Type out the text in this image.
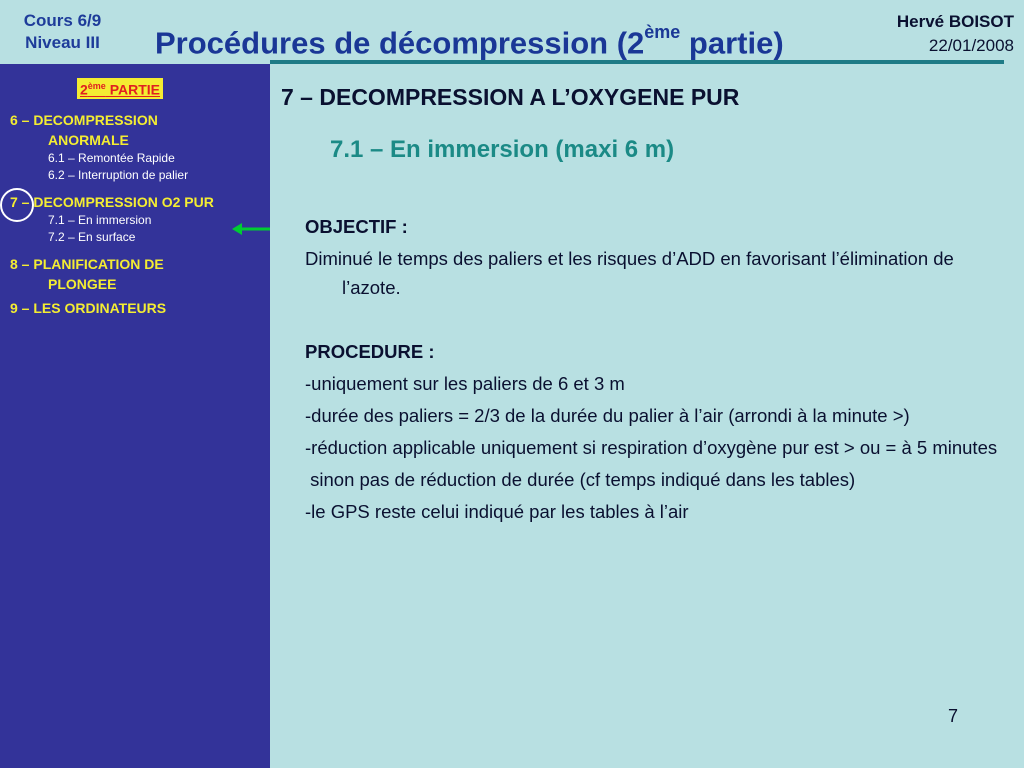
Cours 6/9
Niveau III	Procédures de décompression (2ème partie)
Hervé BOISOT
22/01/2008
2ème PARTIE
6 – DECOMPRESSION
ANORMALE
6.1 – Remontée Rapide
6.2 – Interruption de palier
7 – DECOMPRESSION O2 PUR
7.1 – En immersion
7.2 – En surface
8 – PLANIFICATION DE
PLONGEE
9 – LES ORDINATEURS
7 – DECOMPRESSION A L’OXYGENE PUR
7.1 – En immersion (maxi 6 m)

OBJECTIF :

Diminué le temps des paliers et les risques d’ADD en favorisant l’élimination de l’azote.

PROCEDURE :

-uniquement sur les paliers de 6 et 3 m

-durée des paliers = 2/3 de la durée du palier à l’air (arrondi à la minute >)

-réduction applicable uniquement si respiration d’oxygène pur est > ou = à 5 minutes

sinon pas de réduction de durée (cf temps indiqué dans les tables)

-le GPS reste celui indiqué par les tables à l’air

7
